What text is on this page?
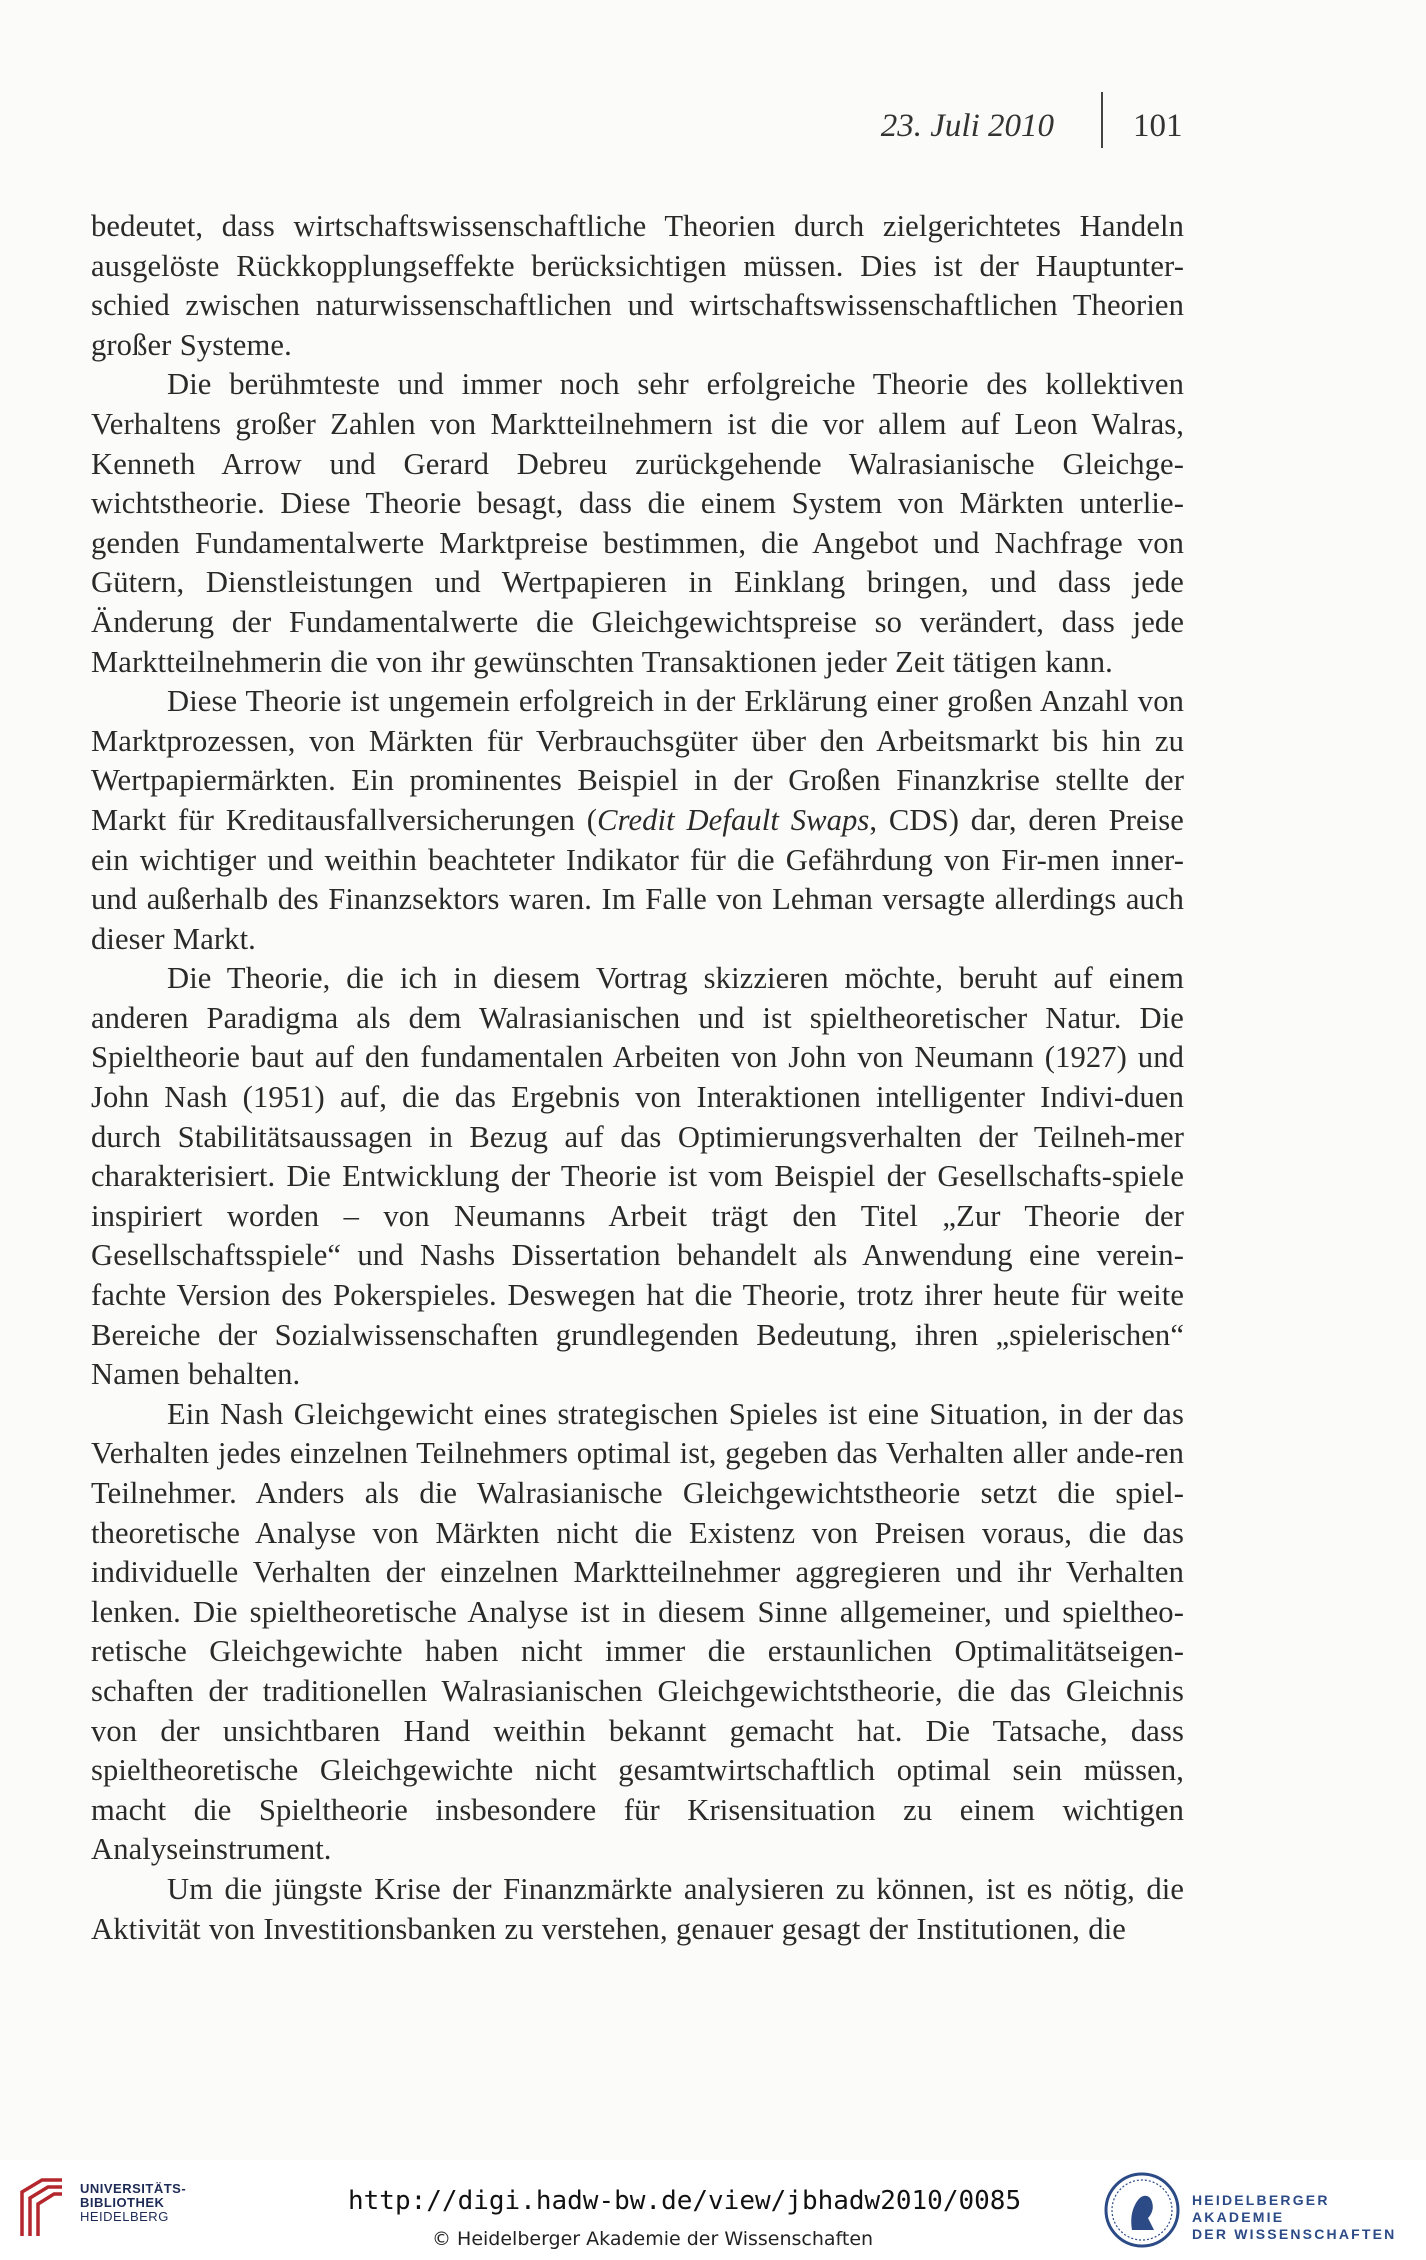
23. Juli 2010 101

bedeutet, dass wirtschaftswissenschaftliche Theorien durch zielgerichtetes Handeln ausgelöste Rückkopplungseffekte berücksichtigen müssen. Dies ist der Hauptunter-schied zwischen naturwissenschaftlichen und wirtschaftswissenschaftlichen Theorien großer Systeme.

Die berühmteste und immer noch sehr erfolgreiche Theorie des kollektiven Verhaltens großer Zahlen von Marktteilnehmern ist die vor allem auf Leon Walras, Kenneth Arrow und Gerard Debreu zurückgehende Walrasianische Gleichge-wichtstheorie. Diese Theorie besagt, dass die einem System von Märkten unterlie-genden Fundamentalwerte Marktpreise bestimmen, die Angebot und Nachfrage von Gütern, Dienstleistungen und Wertpapieren in Einklang bringen, und dass jede Änderung der Fundamentalwerte die Gleichgewichtspreise so verändert, dass jede Marktteilnehmerin die von ihr gewünschten Transaktionen jeder Zeit tätigen kann.

Diese Theorie ist ungemein erfolgreich in der Erklärung einer großen Anzahl von Marktprozessen, von Märkten für Verbrauchsgüter über den Arbeitsmarkt bis hin zu Wertpapiermärkten. Ein prominentes Beispiel in der Großen Finanzkrise stellte der Markt für Kreditausfallversicherungen (Credit Default Swaps, CDS) dar, deren Preise ein wichtiger und weithin beachteter Indikator für die Gefährdung von Fir-men inner- und außerhalb des Finanzsektors waren. Im Falle von Lehman versagte allerdings auch dieser Markt.

Die Theorie, die ich in diesem Vortrag skizzieren möchte, beruht auf einem anderen Paradigma als dem Walrasianischen und ist spieltheoretischer Natur. Die Spieltheorie baut auf den fundamentalen Arbeiten von John von Neumann (1927) und John Nash (1951) auf, die das Ergebnis von Interaktionen intelligenter Indivi-duen durch Stabilitätsaussagen in Bezug auf das Optimierungsverhalten der Teilneh-mer charakterisiert. Die Entwicklung der Theorie ist vom Beispiel der Gesellschafts-spiele inspiriert worden – von Neumanns Arbeit trägt den Titel „Zur Theorie der Gesellschaftsspiele“ und Nashs Dissertation behandelt als Anwendung eine verein-fachte Version des Pokerspieles. Deswegen hat die Theorie, trotz ihrer heute für weite Bereiche der Sozialwissenschaften grundlegenden Bedeutung, ihren „spielerischen“ Namen behalten.

Ein Nash Gleichgewicht eines strategischen Spieles ist eine Situation, in der das Verhalten jedes einzelnen Teilnehmers optimal ist, gegeben das Verhalten aller ande-ren Teilnehmer. Anders als die Walrasianische Gleichgewichtstheorie setzt die spiel-theoretische Analyse von Märkten nicht die Existenz von Preisen voraus, die das individuelle Verhalten der einzelnen Marktteilnehmer aggregieren und ihr Verhalten lenken. Die spieltheoretische Analyse ist in diesem Sinne allgemeiner, und spieltheo-retische Gleichgewichte haben nicht immer die erstaunlichen Optimalitätseigen-schaften der traditionellen Walrasianischen Gleichgewichtstheorie, die das Gleichnis von der unsichtbaren Hand weithin bekannt gemacht hat. Die Tatsache, dass spieltheoretische Gleichgewichte nicht gesamtwirtschaftlich optimal sein müssen, macht die Spieltheorie insbesondere für Krisensituation zu einem wichtigen Analyseinstrument.

Um die jüngste Krise der Finanzmärkte analysieren zu können, ist es nötig, die Aktivität von Investitionsbanken zu verstehen, genauer gesagt der Institutionen, die

UNIVERSITÄTS-
BIBLIOTHEK
HEIDELBERG
http://digi.hadw-bw.de/view/jbhadw2010/0085
© Heidelberger Akademie der Wissenschaften
HEIDELBERGER AKADEMIE
DER WISSENSCHAFTEN
